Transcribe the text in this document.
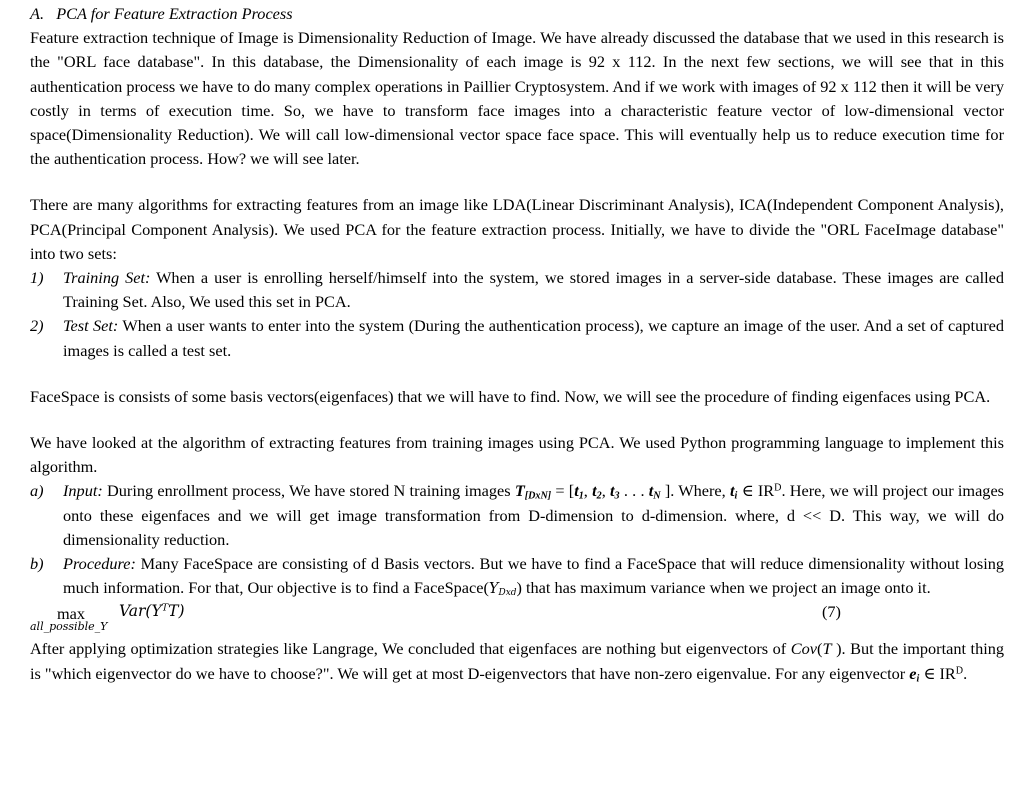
A. PCA for Feature Extraction Process

Feature extraction technique of Image is Dimensionality Reduction of Image. We have already discussed the database that we used in this research is the "ORL face database". In this database, the Dimensionality of each image is 92 x 112. In the next few sections, we will see that in this authentication process we have to do many complex operations in Paillier Cryptosystem. And if we work with images of 92 x 112 then it will be very costly in terms of execution time. So, we have to transform face images into a characteristic feature vector of low-dimensional vector space(Dimensionality Reduction). We will call low-dimensional vector space face space. This will eventually help us to reduce execution time for the authentication process. How? we will see later.

There are many algorithms for extracting features from an image like LDA(Linear Discriminant Analysis), ICA(Independent Component Analysis), PCA(Principal Component Analysis). We used PCA for the feature extraction process. Initially, we have to divide the "ORL FaceImage database" into two sets:

1)	Training Set: When a user is enrolling herself/himself into the system, we stored images in a server-side database. These images are called Training Set. Also, We used this set in PCA.
2)	Test Set: When a user wants to enter into the system (During the authentication process), we capture an image of the user. And a set of captured images is called a test set.

FaceSpace is consists of some basis vectors(eigenfaces) that we will have to find. Now, we will see the procedure of finding eigenfaces using PCA.

We have looked at the algorithm of extracting features from training images using PCA. We used Python programming language to implement this algorithm.

a)	Input: During enrollment process, We have stored N training images $T_{[DxN]} = [t_1$, $t_2$, $t_3$ . . . $t_N$ ]. Where, $t_i$ ∈ $IR^D$. Here, we will project our images onto these eigenfaces and we will get image transformation from D-dimension to d-dimension. where, d << D. This way, we will do dimensionality reduction.
b)	Procedure: Many FaceSpace are consisting of d Basis vectors. But we have to find a FaceSpace that will reduce dimensionality without losing much information. For that, Our objective is to find a $FaceSpace(Y_{Dxd})$ that has maximum variance when we project an image onto it.
max
all_possible_Y
$Var(Y^TT)$	(7)

After applying optimization strategies like Langrage, We concluded that eigenfaces are nothing but eigenvectors of Cov(T ). But the important thing is "which eigenvector do we have to choose?". We will get at most D-eigenvectors that have non-zero eigenvalue. For any eigenvector $e_i$ ∈ $IR^D$.
